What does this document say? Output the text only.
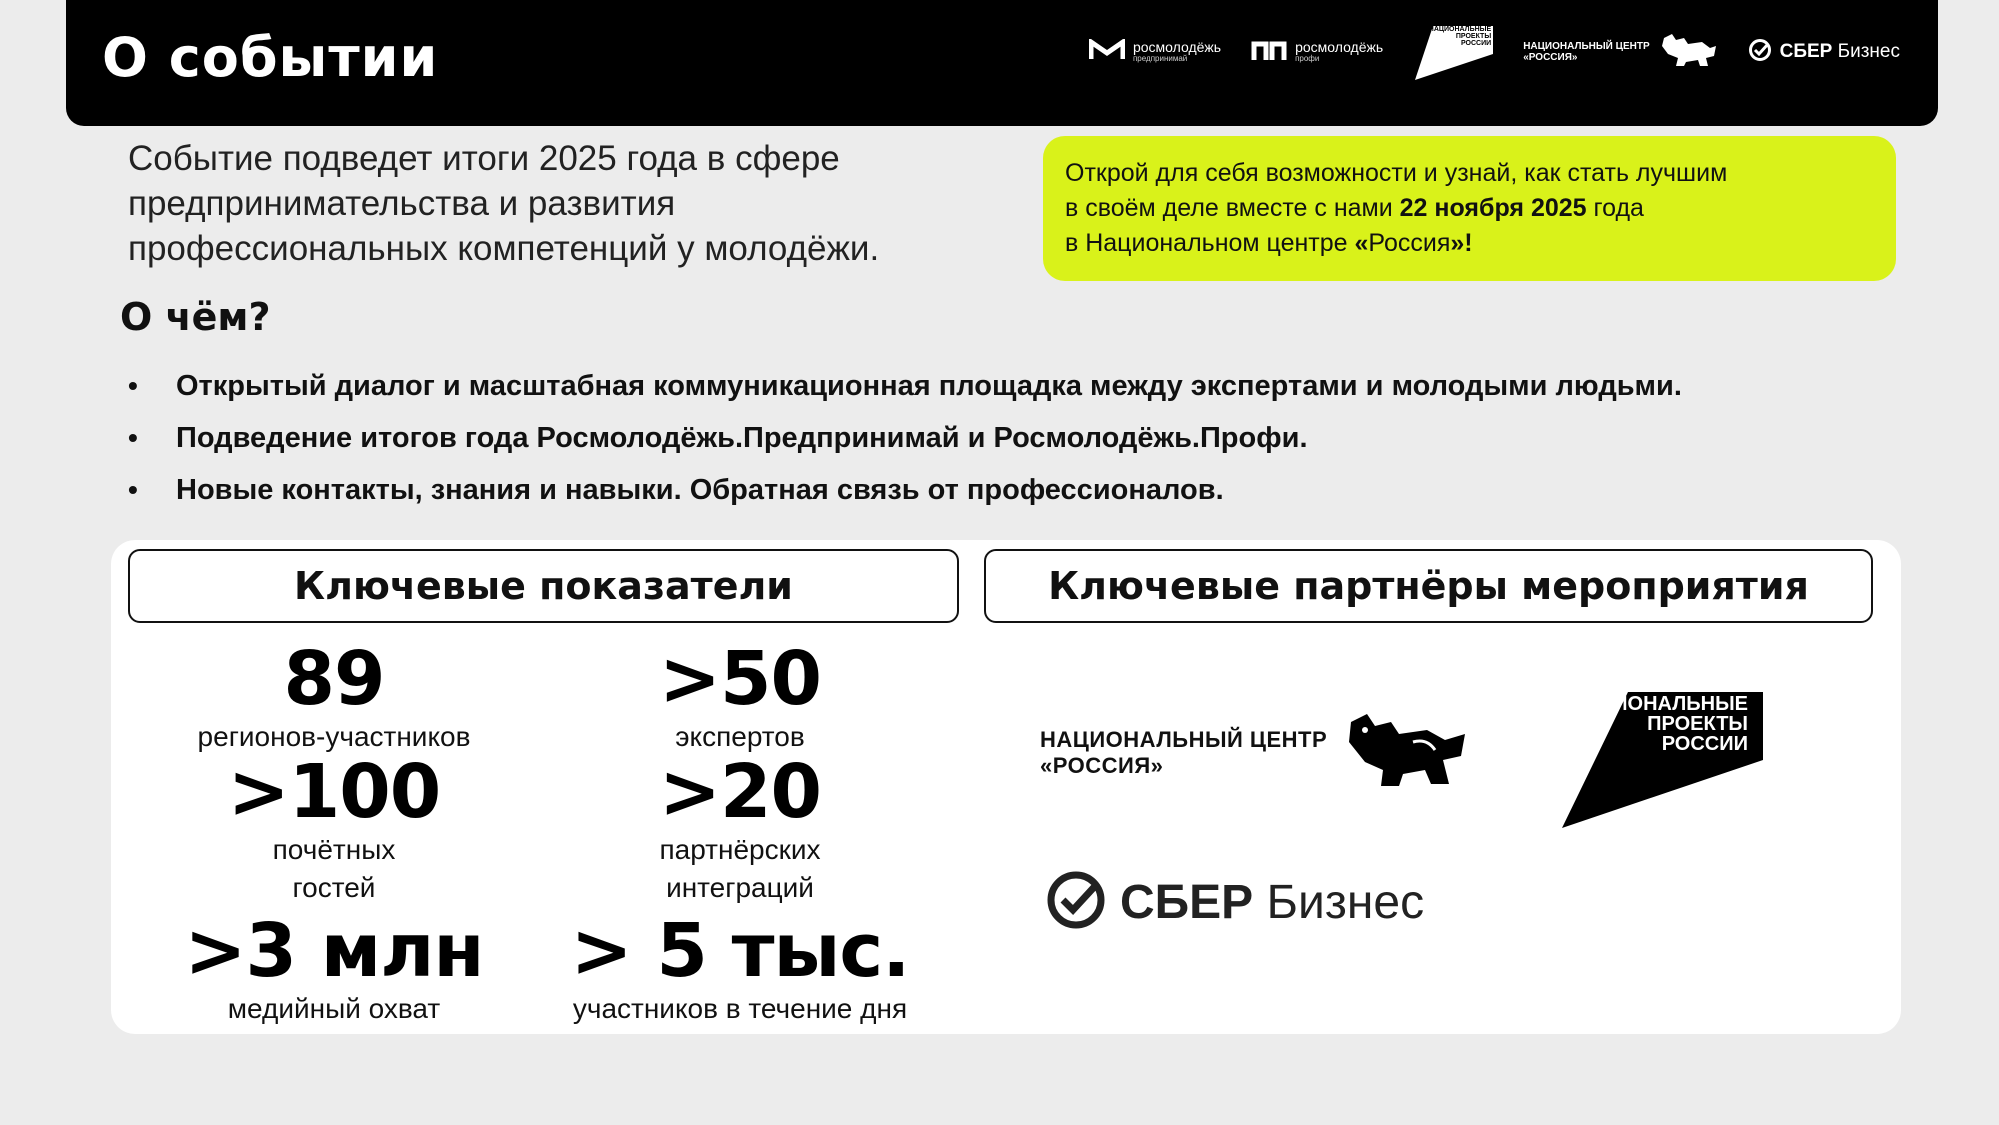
О событии	росмолодёжь
предпринимай
росмолодёжь
профи
НАЦИОНАЛЬНЫЕ
ПРОЕКТЫ
РОССИИ	НАЦИОНАЛЬНЫЙ ЦЕНТР
«РОССИЯ»	СБЕР Бизнес
Событие подведет итоги 2025 года в сфере
предпринимательства и развития
профессиональных компетенций у молодёжи.
Открой для себя возможности и узнай, как стать лучшим
в своём деле вместе с нами 22 ноября 2025 года
в Национальном центре «Россия»!
О чём?
• Открытый диалог и масштабная коммуникационная площадка между экспертами и молодыми людьми.
• Подведение итогов года Росмолодёжь.Предпринимай и Росмолодёжь.Профи.
• Новые контакты, знания и навыки. Обратная связь от профессионалов.
Ключевые показатели	Ключевые партнёры мероприятия
89
регионов-участников
>50
экспертов
>100
почётных
гостей
>20
партнёрских
интеграций
>3 млн
медийный охват
> 5 тыс.
участников в течение дня
НАЦИОНАЛЬНЫЙ ЦЕНТР
«РОССИЯ»
НАЦИОНАЛЬНЫЕ
ПРОЕКТЫ
РОССИИ
СБЕР Бизнес
